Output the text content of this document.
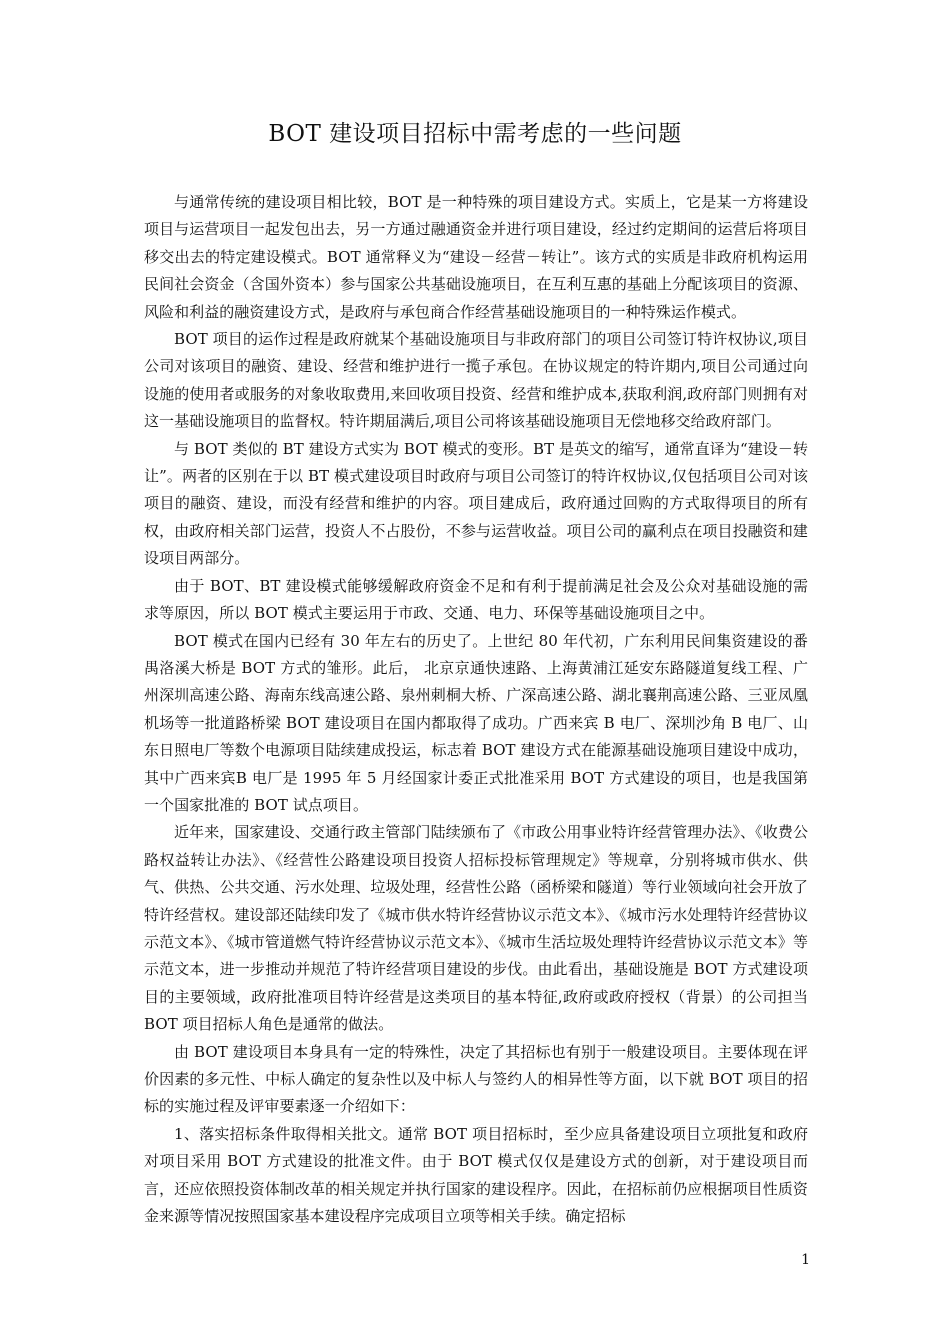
BOT 建设项目招标中需考虑的一些问题

与通常传统的建设项目相比较，BOT 是一种特殊的项目建设方式。实质上，它是某一方将建设项目与运营项目一起发包出去，另一方通过融通资金并进行项目建设，经过约定期间的运营后将项目移交出去的特定建设模式。BOT 通常释义为“建设－经营－转让”。该方式的实质是非政府机构运用民间社会资金（含国外资本）参与国家公共基础设施项目，在互利互惠的基础上分配该项目的资源、风险和利益的融资建设方式，是政府与承包商合作经营基础设施项目的一种特殊运作模式。

BOT 项目的运作过程是政府就某个基础设施项目与非政府部门的项目公司签订特许权协议,项目公司对该项目的融资、建设、经营和维护进行一揽子承包。在协议规定的特许期内,项目公司通过向设施的使用者或服务的对象收取费用,来回收项目投资、经营和维护成本,获取利润,政府部门则拥有对这一基础设施项目的监督权。特许期届满后,项目公司将该基础设施项目无偿地移交给政府部门。

与 BOT 类似的 BT 建设方式实为 BOT 模式的变形。BT 是英文的缩写，通常直译为“建设－转让”。两者的区别在于以 BT 模式建设项目时政府与项目公司签订的特许权协议,仅包括项目公司对该项目的融资、建设，而没有经营和维护的内容。项目建成后，政府通过回购的方式取得项目的所有权，由政府相关部门运营，投资人不占股份，不参与运营收益。项目公司的赢利点在项目投融资和建设项目两部分。

由于 BOT、BT 建设模式能够缓解政府资金不足和有利于提前满足社会及公众对基础设施的需求等原因，所以 BOT 模式主要运用于市政、交通、电力、环保等基础设施项目之中。

BOT 模式在国内已经有 30 年左右的历史了。上世纪 80 年代初，广东利用民间集资建设的番禺洛溪大桥是 BOT 方式的雏形。此后， 北京京通快速路、上海黄浦江延安东路隧道复线工程、广州深圳高速公路、海南东线高速公路、泉州刺桐大桥、广深高速公路、湖北襄荆高速公路、三亚凤凰机场等一批道路桥梁 BOT 建设项目在国内都取得了成功。广西来宾 B 电厂、深圳沙角 B 电厂、山东日照电厂等数个电源项目陆续建成投运，标志着 BOT 建设方式在能源基础设施项目建设中成功，其中广西来宾B 电厂是 1995 年 5 月经国家计委正式批准采用 BOT 方式建设的项目，也是我国第一个国家批准的 BOT 试点项目。

近年来，国家建设、交通行政主管部门陆续颁布了《市政公用事业特许经营管理办法》、《收费公路权益转让办法》、《经营性公路建设项目投资人招标投标管理规定》等规章，分别将城市供水、供气、供热、公共交通、污水处理、垃圾处理，经营性公路（函桥梁和隧道）等行业领域向社会开放了特许经营权。建设部还陆续印发了《城市供水特许经营协议示范文本》、《城市污水处理特许经营协议示范文本》、《城市管道燃气特许经营协议示范文本》、《城市生活垃圾处理特许经营协议示范文本》等示范文本，进一步推动并规范了特许经营项目建设的步伐。由此看出，基础设施是 BOT 方式建设项目的主要领域，政府批准项目特许经营是这类项目的基本特征,政府或政府授权（背景）的公司担当 BOT 项目招标人角色是通常的做法。

由 BOT 建设项目本身具有一定的特殊性，决定了其招标也有别于一般建设项目。主要体现在评价因素的多元性、中标人确定的复杂性以及中标人与签约人的相异性等方面，以下就 BOT 项目的招标的实施过程及评审要素逐一介绍如下：

1、落实招标条件取得相关批文。通常 BOT 项目招标时，至少应具备建设项目立项批复和政府对项目采用 BOT 方式建设的批准文件。由于 BOT 模式仅仅是建设方式的创新，对于建设项目而言，还应依照投资体制改革的相关规定并执行国家的建设程序。因此，在招标前仍应根据项目性质资金来源等情况按照国家基本建设程序完成项目立项等相关手续。确定招标

1
